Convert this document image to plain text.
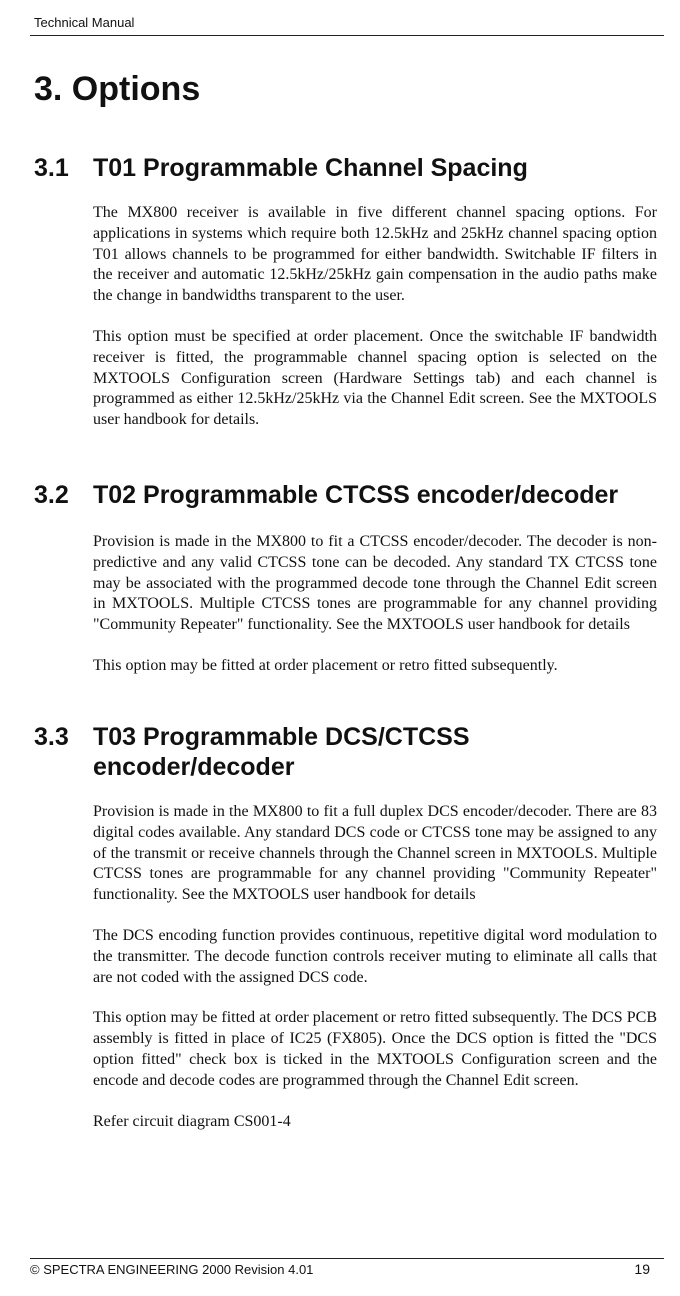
Technical Manual
3. Options
3.1 T01 Programmable Channel Spacing

The MX800 receiver is available in five different channel spacing options. For applications in systems which require both 12.5kHz and 25kHz channel spacing option T01 allows channels to be programmed for either bandwidth. Switchable IF filters in the receiver and automatic 12.5kHz/25kHz gain compensation in the audio paths make the change in bandwidths transparent to the user.

This option must be specified at order placement. Once the switchable IF bandwidth receiver is fitted, the programmable channel spacing option is selected on the MXTOOLS Configuration screen (Hardware Settings tab) and each channel is programmed as either 12.5kHz/25kHz via the Channel Edit screen. See the MXTOOLS user handbook for details.

3.2 T02 Programmable CTCSS encoder/decoder

Provision is made in the MX800 to fit a CTCSS encoder/decoder. The decoder is non-predictive and any valid CTCSS tone can be decoded. Any standard TX CTCSS tone may be associated with the programmed decode tone through the Channel Edit screen in MXTOOLS. Multiple CTCSS tones are programmable for any channel providing "Community Repeater" functionality. See the MXTOOLS user handbook for details

This option may be fitted at order placement or retro fitted subsequently.

3.3 T03 Programmable DCS/CTCSS encoder/decoder

Provision is made in the MX800 to fit a full duplex DCS encoder/decoder. There are 83 digital codes available. Any standard DCS code or CTCSS tone may be assigned to any of the transmit or receive channels through the Channel screen in MXTOOLS. Multiple CTCSS tones are programmable for any channel providing "Community Repeater" functionality. See the MXTOOLS user handbook for details

The DCS encoding function provides continuous, repetitive digital word modulation to the transmitter. The decode function controls receiver muting to eliminate all calls that are not coded with the assigned DCS code.

This option may be fitted at order placement or retro fitted subsequently. The DCS PCB assembly is fitted in place of IC25 (FX805). Once the DCS option is fitted the "DCS option fitted" check box is ticked in the MXTOOLS Configuration screen and the encode and decode codes are programmed through the Channel Edit screen.

Refer circuit diagram CS001-4

© SPECTRA ENGINEERING 2000 Revision 4.01	19
